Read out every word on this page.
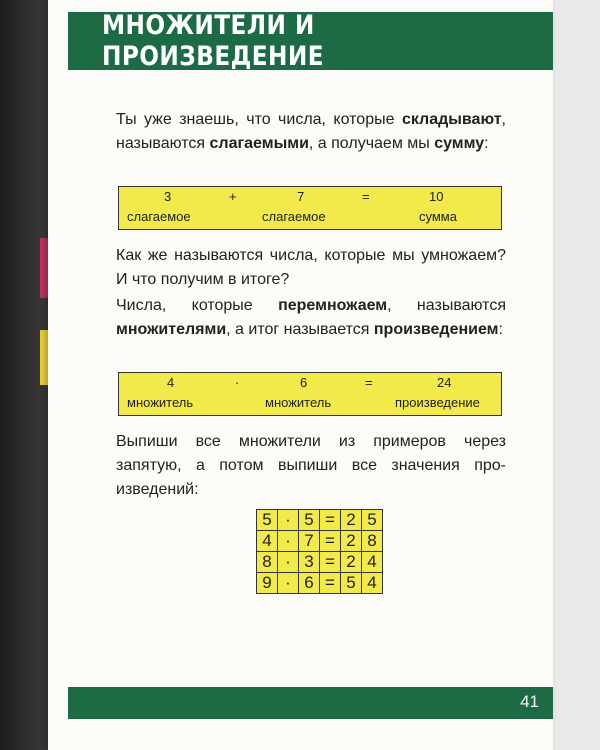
МНОЖИТЕЛИ И ПРОИЗВЕДЕНИЕ

Ты уже знаешь, что числа, которые складывают, называются слагаемыми, а получаем мы сумму:

3	+	7	=	10
слагаемое	слагаемое	сумма

Как же называются числа, которые мы умножаем? И что получим в итоге?

Числа, которые перемножаем, называются множителями, а итог называется произведением:

4	·	6	=	24
множитель	множитель	произведение

Выпиши все множители из примеров через запятую, а потом выпиши все значения произведений:

5	·	5	=	2	5
4	·	7	=	2	8
8	·	3	=	2	4
9	·	6	=	5	4
41
